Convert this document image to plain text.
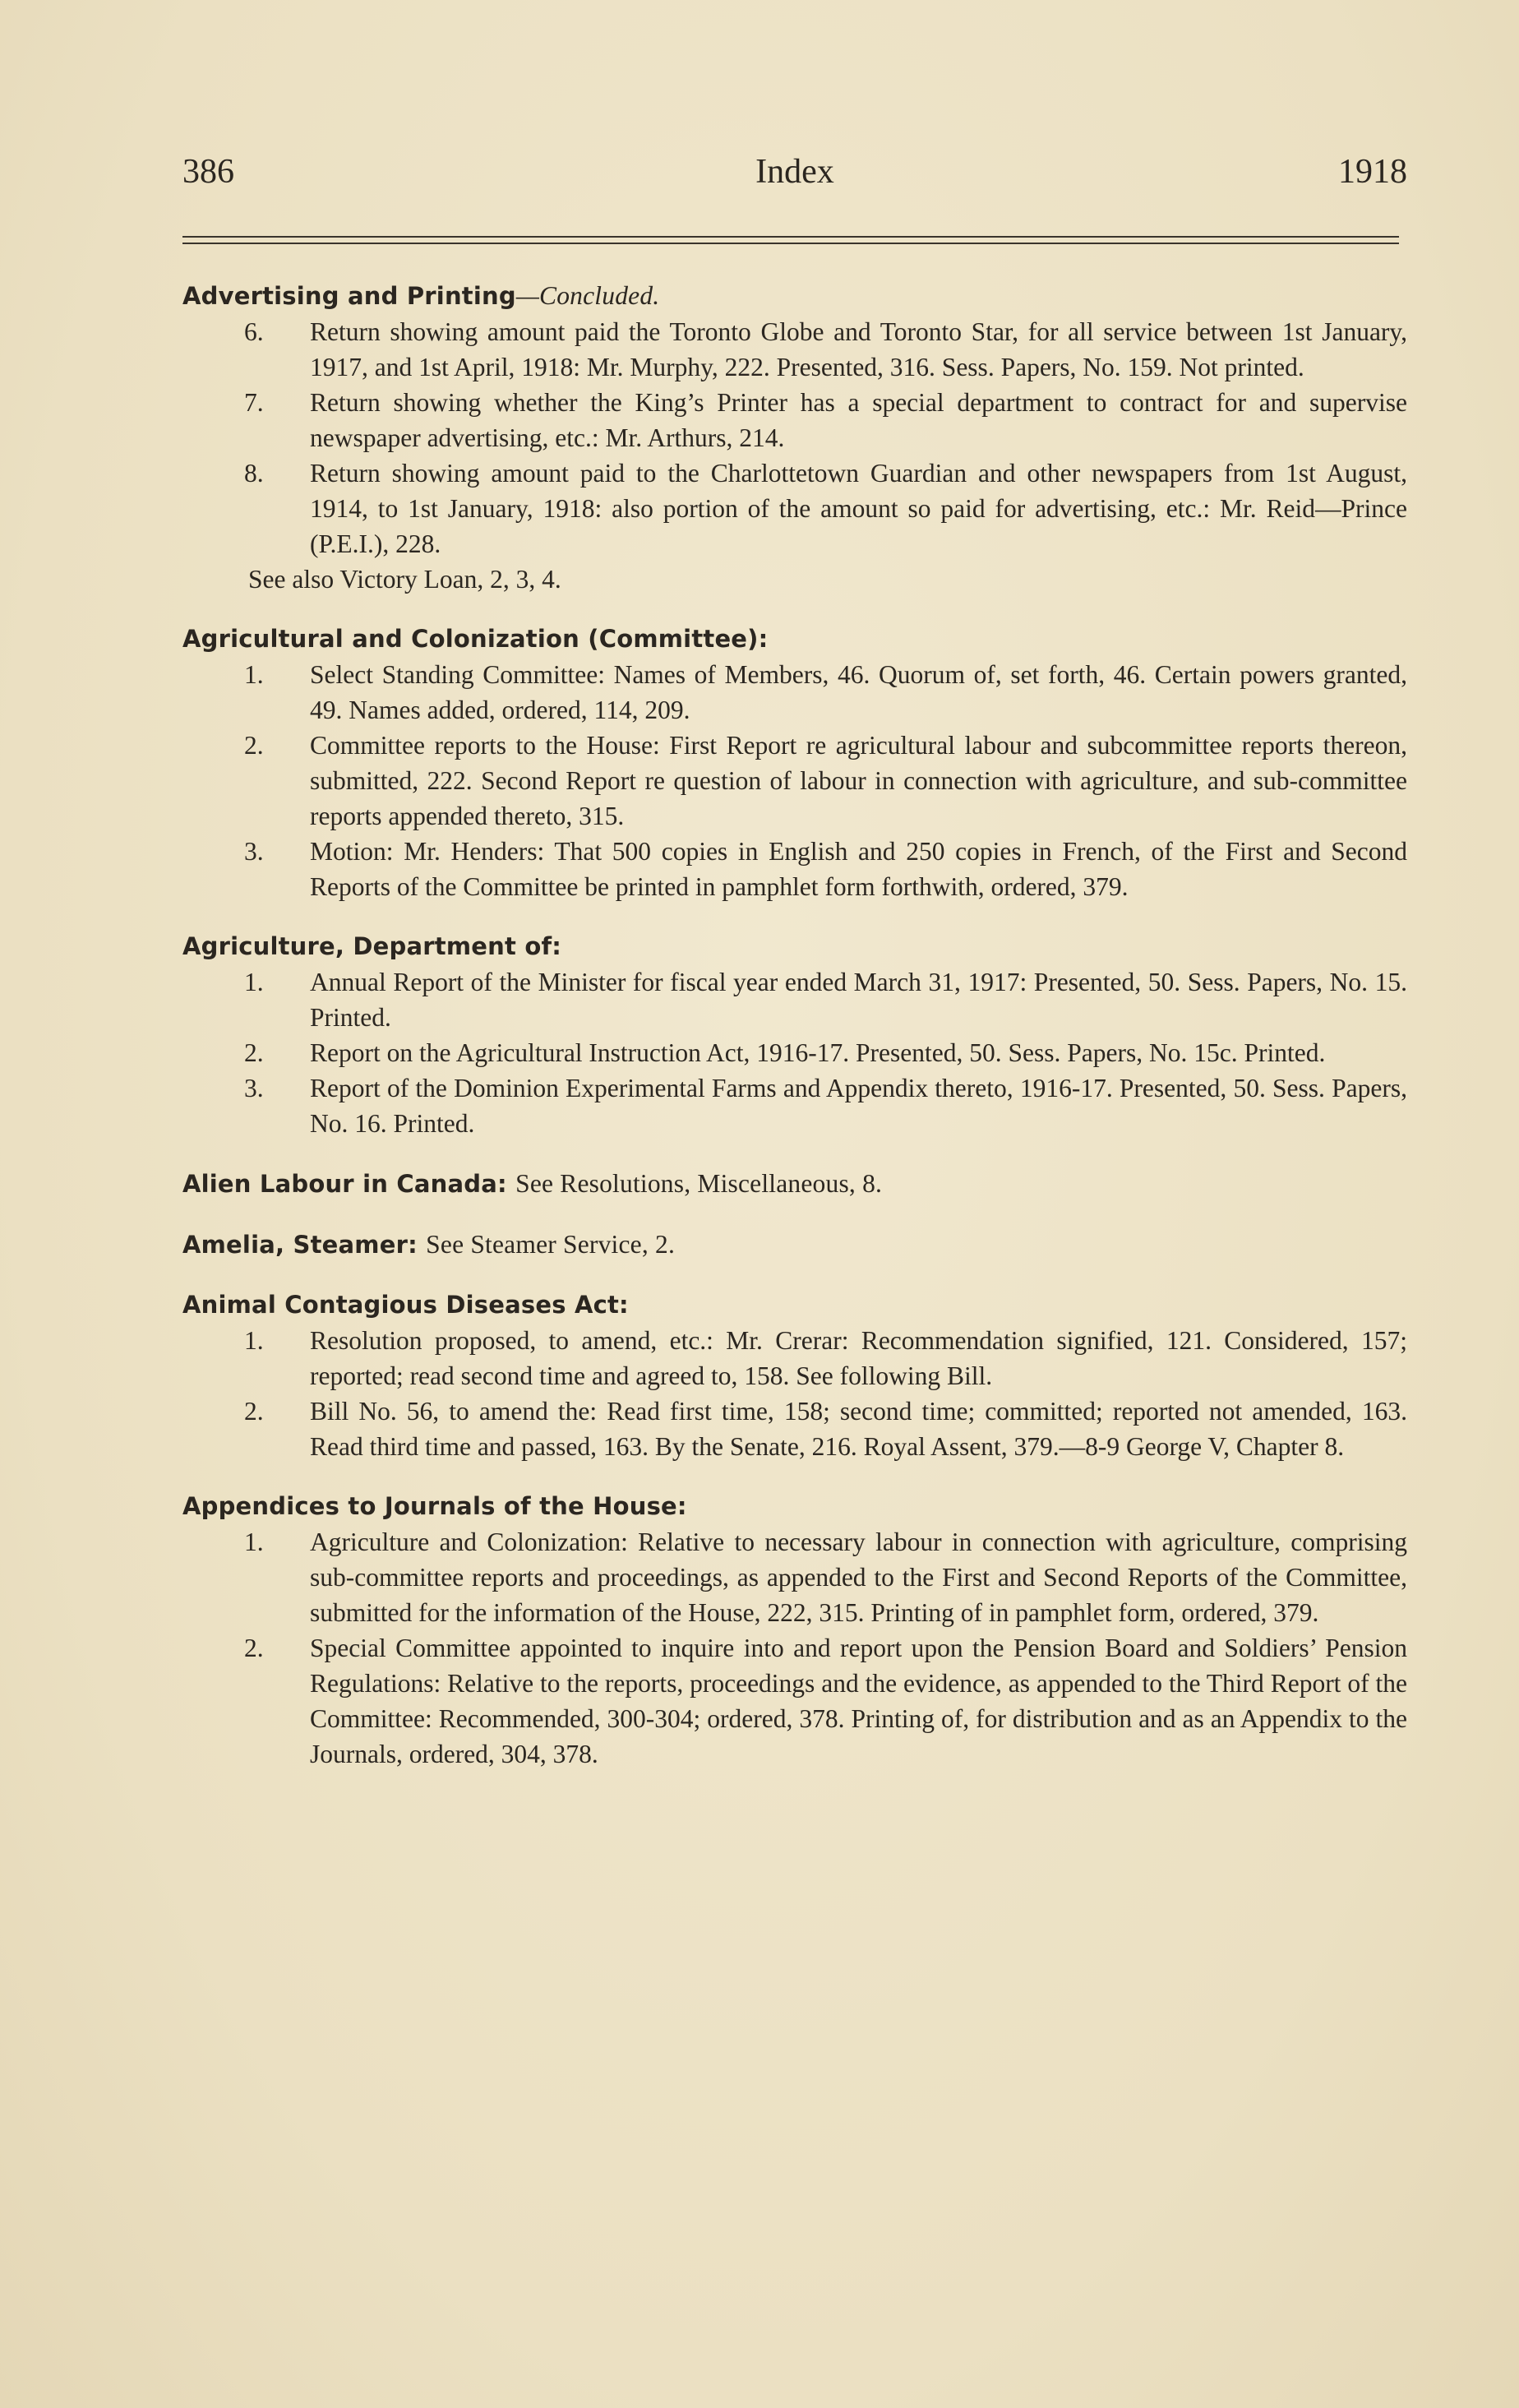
386	Index	1918
Advertising and Printing—Concluded.
6. Return showing amount paid the Toronto Globe and Toronto Star, for all service between 1st January, 1917, and 1st April, 1918: Mr. Murphy, 222. Presented, 316. Sess. Papers, No. 159. Not printed.
7. Return showing whether the King’s Printer has a special department to contract for and supervise newspaper advertising, etc.: Mr. Arthurs, 214.
8. Return showing amount paid to the Charlottetown Guardian and other newspapers from 1st August, 1914, to 1st January, 1918: also portion of the amount so paid for advertising, etc.: Mr. Reid—Prince (P.E.I.), 228.
See also Victory Loan, 2, 3, 4.
Agricultural and Colonization (Committee):
1. Select Standing Committee: Names of Members, 46. Quorum of, set forth, 46. Certain powers granted, 49. Names added, ordered, 114, 209.
2. Committee reports to the House: First Report re agricultural labour and subcommittee reports thereon, submitted, 222. Second Report re question of labour in connection with agriculture, and sub-committee reports appended thereto, 315.
3. Motion: Mr. Henders: That 500 copies in English and 250 copies in French, of the First and Second Reports of the Committee be printed in pamphlet form forthwith, ordered, 379.
Agriculture, Department of:
1. Annual Report of the Minister for fiscal year ended March 31, 1917: Presented, 50. Sess. Papers, No. 15. Printed.
2. Report on the Agricultural Instruction Act, 1916-17. Presented, 50. Sess. Papers, No. 15c. Printed.
3. Report of the Dominion Experimental Farms and Appendix thereto, 1916-17. Presented, 50. Sess. Papers, No. 16. Printed.
Alien Labour in Canada: See Resolutions, Miscellaneous, 8.
Amelia, Steamer: See Steamer Service, 2.
Animal Contagious Diseases Act:
1. Resolution proposed, to amend, etc.: Mr. Crerar: Recommendation signified, 121. Considered, 157; reported; read second time and agreed to, 158. See following Bill.
2. Bill No. 56, to amend the: Read first time, 158; second time; committed; reported not amended, 163. Read third time and passed, 163. By the Senate, 216. Royal Assent, 379.—8-9 George V, Chapter 8.
Appendices to Journals of the House:
1. Agriculture and Colonization: Relative to necessary labour in connection with agriculture, comprising sub-committee reports and proceedings, as appended to the First and Second Reports of the Committee, submitted for the information of the House, 222, 315. Printing of in pamphlet form, ordered, 379.
2. Special Committee appointed to inquire into and report upon the Pension Board and Soldiers’ Pension Regulations: Relative to the reports, proceedings and the evidence, as appended to the Third Report of the Committee: Recommended, 300-304; ordered, 378. Printing of, for distribution and as an Appendix to the Journals, ordered, 304, 378.
